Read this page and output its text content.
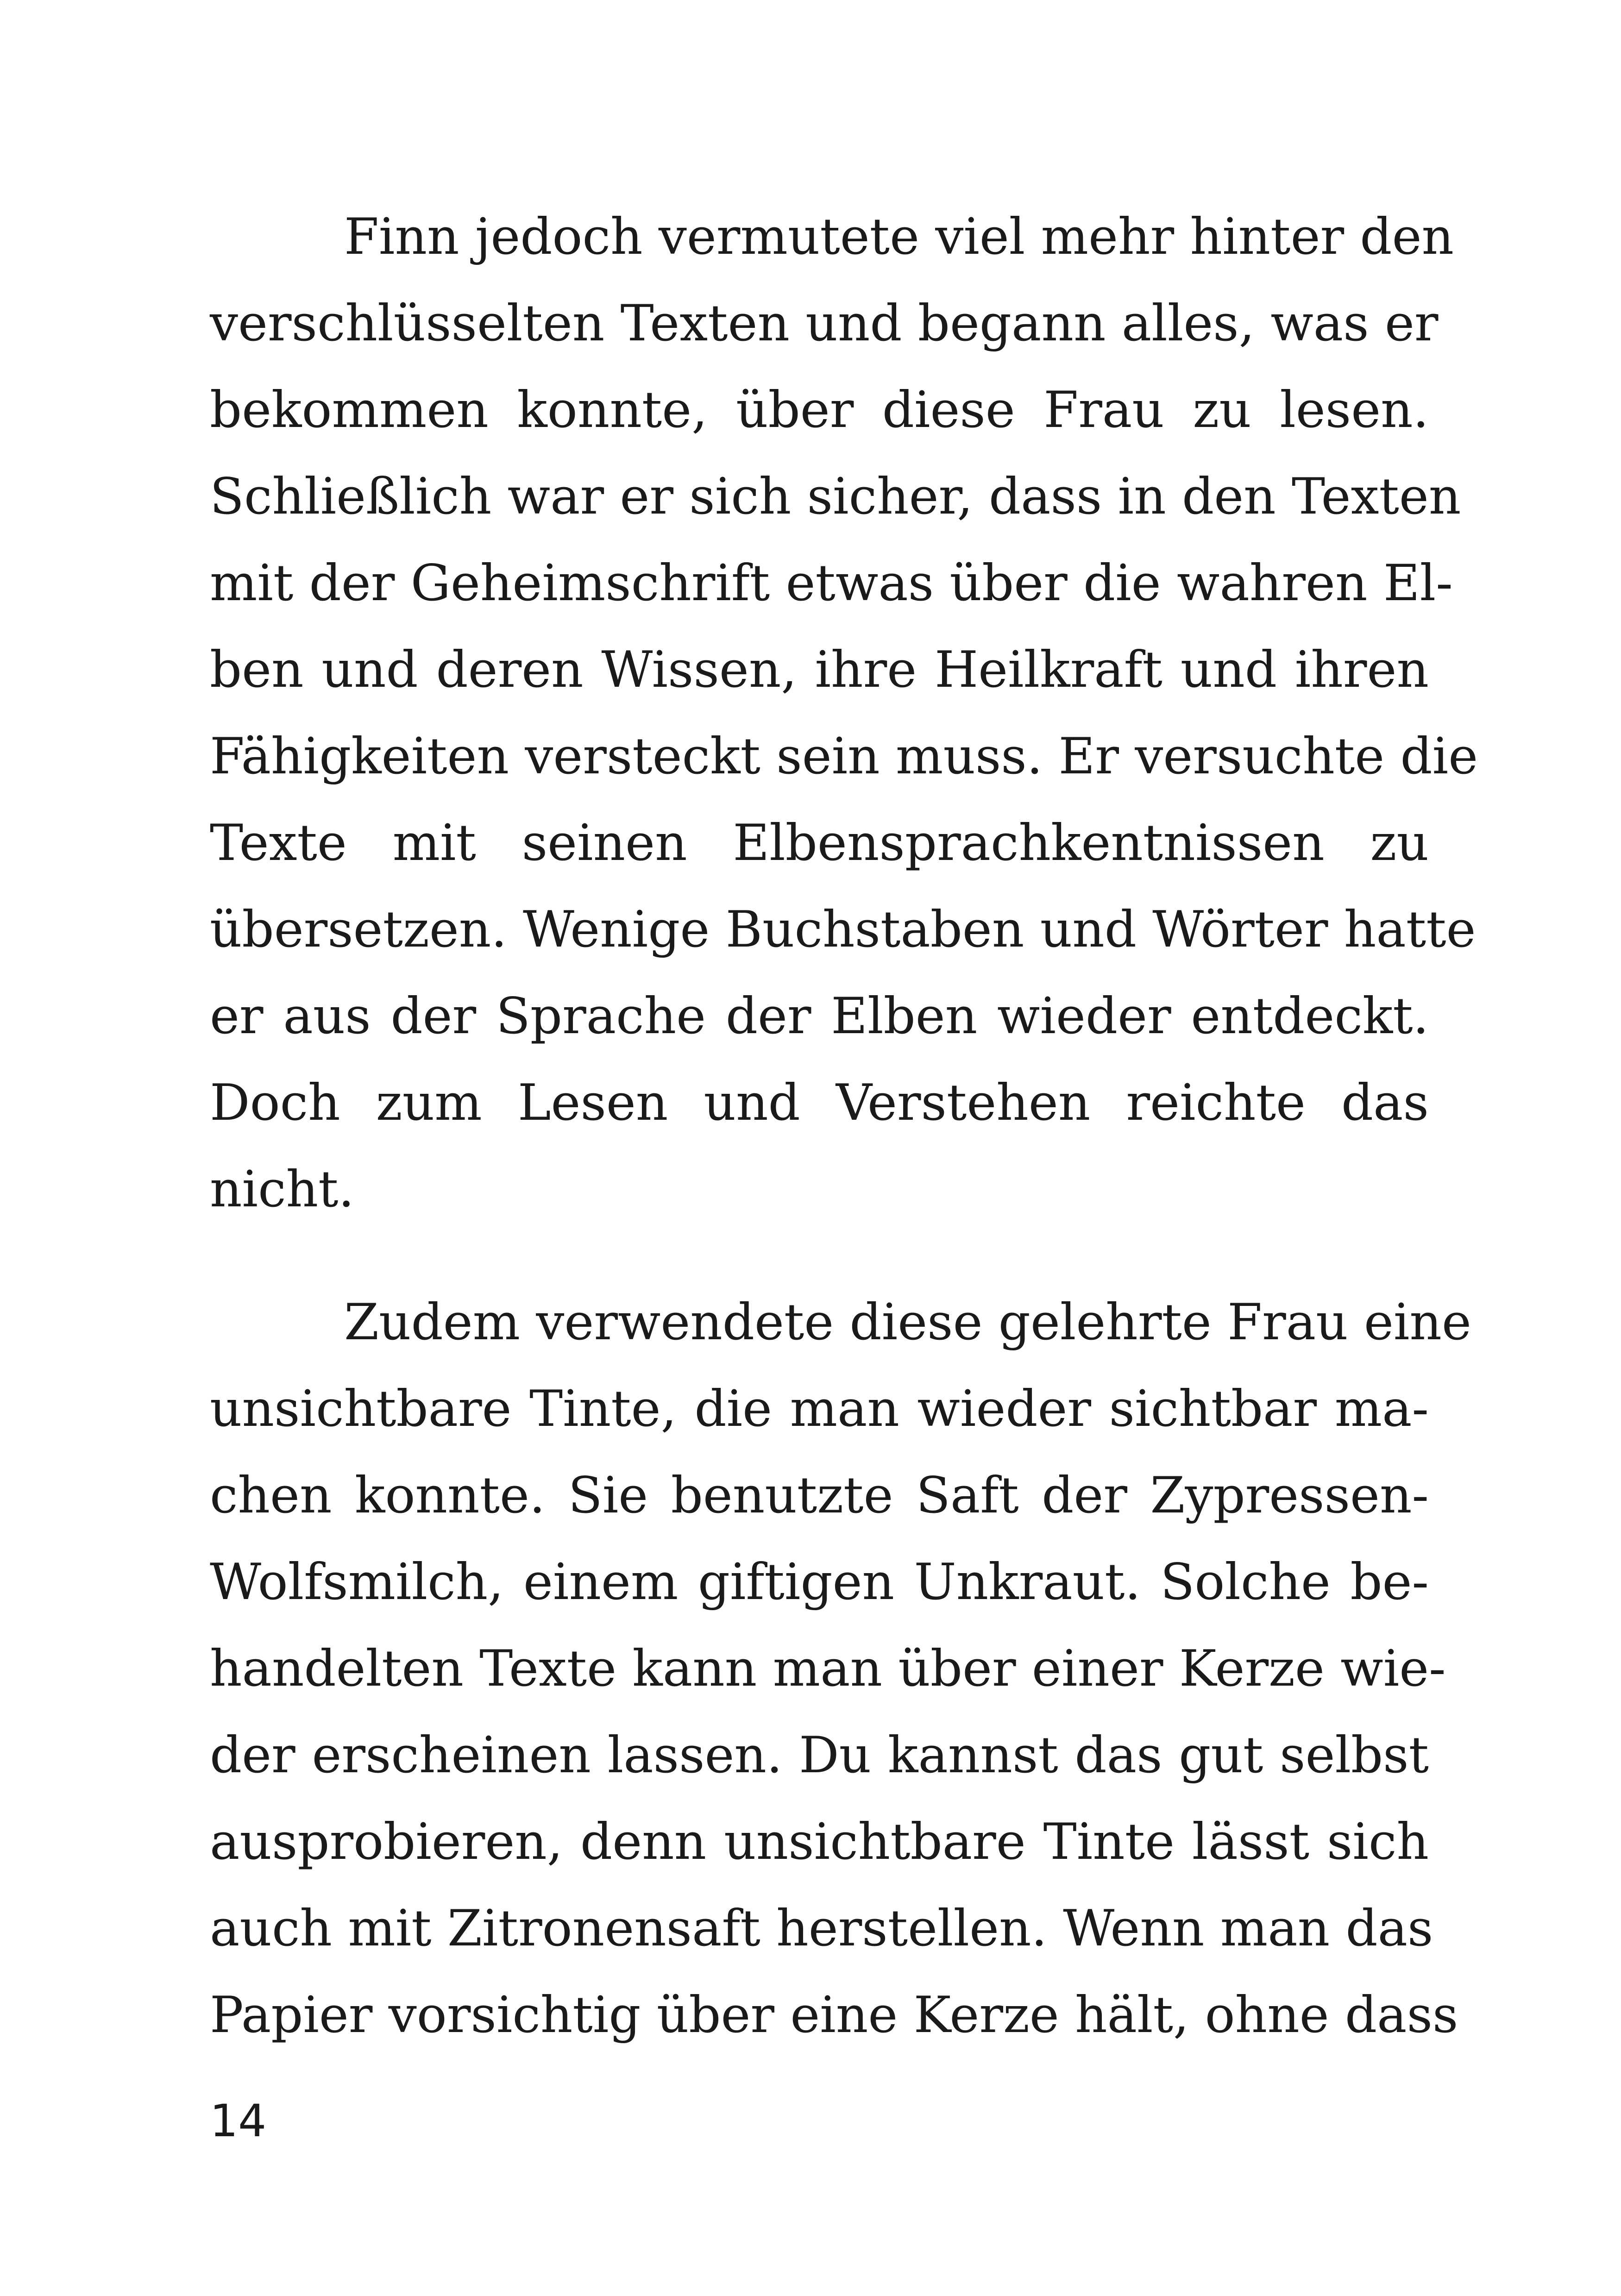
Finn jedoch vermutete viel mehr hinter den
verschlüsselten Texten und begann alles, was er
bekommen konnte, über diese Frau zu lesen.
Schließlich war er sich sicher, dass in den Texten
mit der Geheimschrift etwas über die wahren El-
ben und deren Wissen, ihre Heilkraft und ihren
Fähigkeiten versteckt sein muss. Er versuchte die
Texte mit seinen Elbensprachkentnissen zu
übersetzen. Wenige Buchstaben und Wörter hatte
er aus der Sprache der Elben wieder entdeckt.
Doch zum Lesen und Verstehen reichte das
nicht.
Zudem verwendete diese gelehrte Frau eine
unsichtbare Tinte, die man wieder sichtbar ma-
chen konnte. Sie benutzte Saft der Zypressen-
Wolfsmilch, einem giftigen Unkraut. Solche be-
handelten Texte kann man über einer Kerze wie-
der erscheinen lassen. Du kannst das gut selbst
ausprobieren, denn unsichtbare Tinte lässt sich
auch mit Zitronensaft herstellen. Wenn man das
Papier vorsichtig über eine Kerze hält, ohne dass
14
